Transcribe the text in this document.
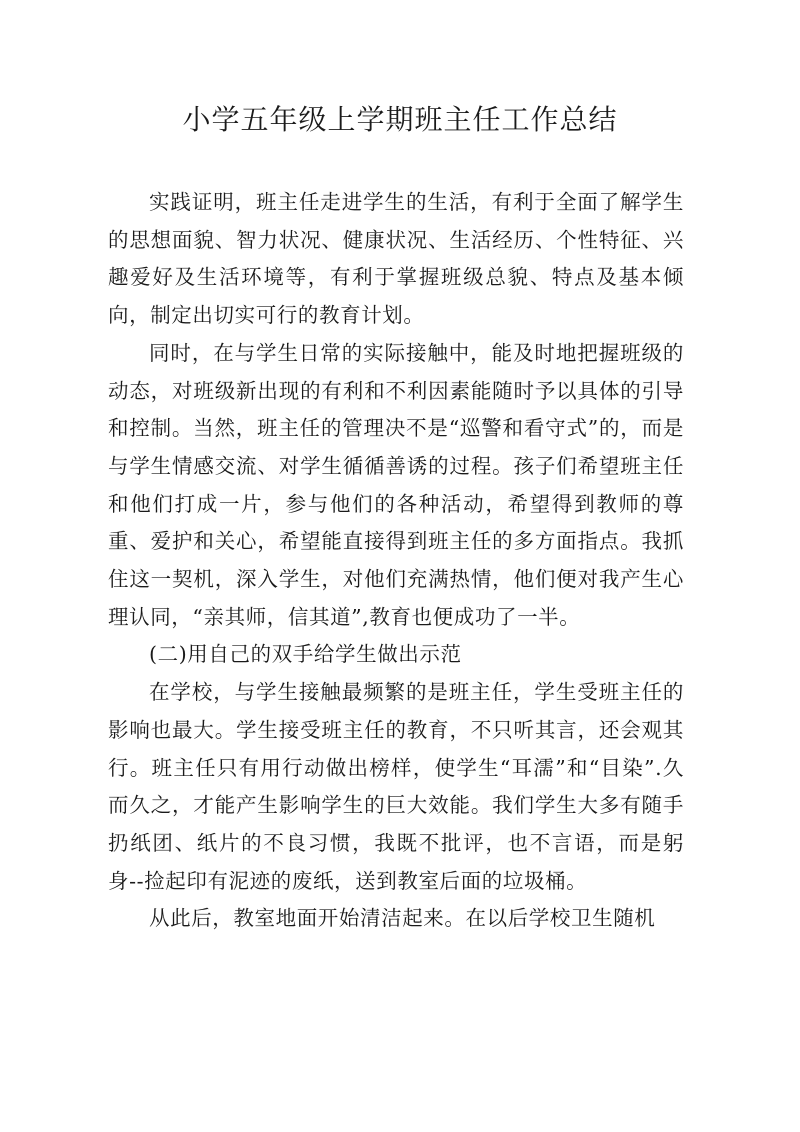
小学五年级上学期班主任工作总结

实践证明，班主任走进学生的生活，有利于全面了解学生的思想面貌、智力状况、健康状况、生活经历、个性特征、兴趣爱好及生活环境等，有利于掌握班级总貌、特点及基本倾向，制定出切实可行的教育计划。

同时，在与学生日常的实际接触中，能及时地把握班级的动态，对班级新出现的有利和不利因素能随时予以具体的引导和控制。当然，班主任的管理决不是“巡警和看守式”的，而是与学生情感交流、对学生循循善诱的过程。孩子们希望班主任和他们打成一片，参与他们的各种活动，希望得到教师的尊重、爱护和关心，希望能直接得到班主任的多方面指点。我抓住这一契机，深入学生，对他们充满热情，他们便对我产生心理认同，“亲其师，信其道”,教育也便成功了一半。

(二)用自己的双手给学生做出示范

在学校，与学生接触最频繁的是班主任，学生受班主任的影响也最大。学生接受班主任的教育，不只听其言，还会观其行。班主任只有用行动做出榜样，使学生“耳濡”和“目染”.久而久之，才能产生影响学生的巨大效能。我们学生大多有随手扔纸团、纸片的不良习惯，我既不批评，也不言语，而是躬身--捡起印有泥迹的废纸，送到教室后面的垃圾桶。

从此后，教室地面开始清洁起来。在以后学校卫生随机
